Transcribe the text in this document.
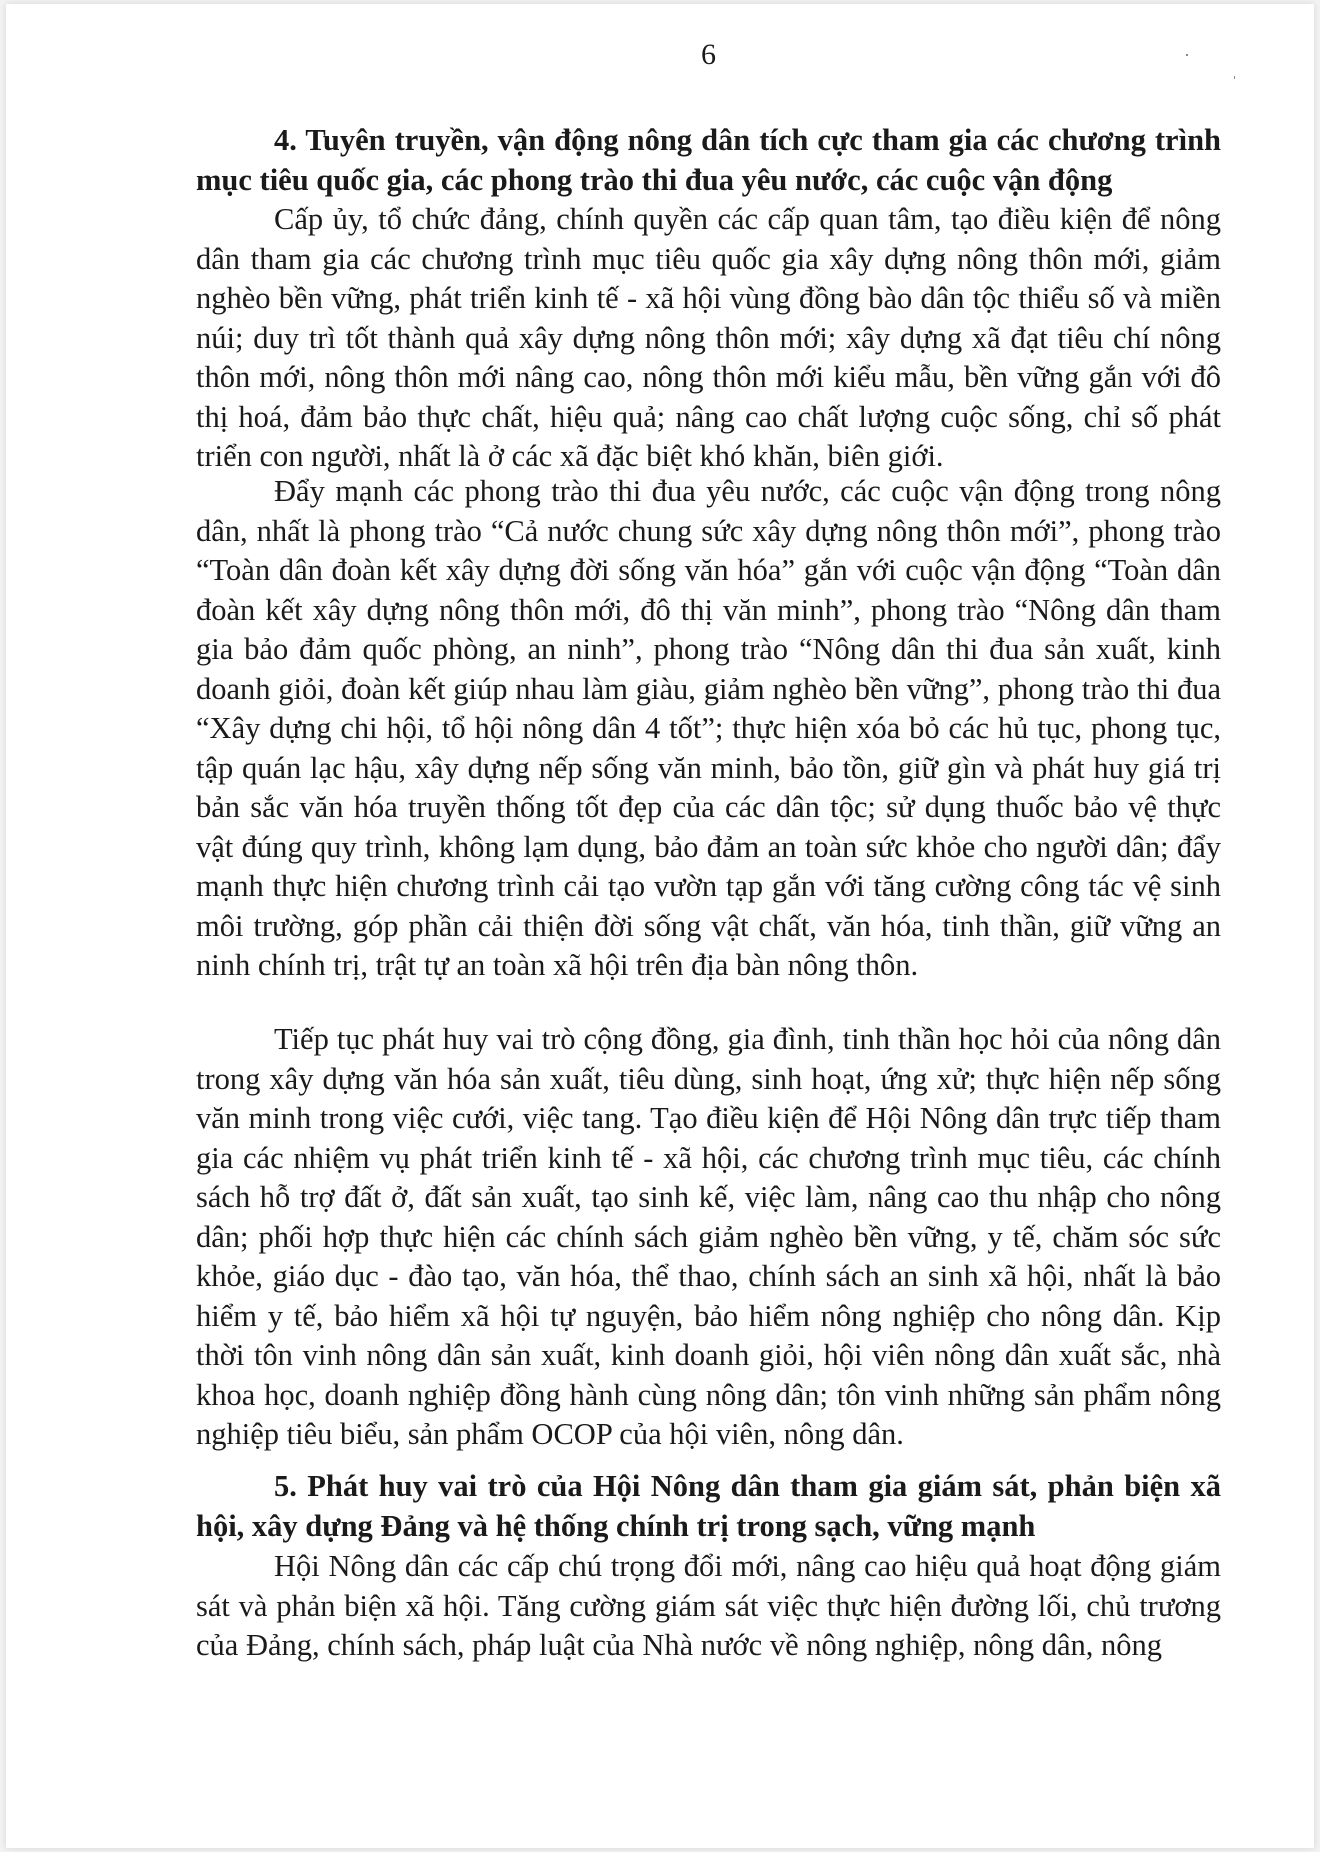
6

4. Tuyên truyền, vận động nông dân tích cực tham gia các chương trình mục tiêu quốc gia, các phong trào thi đua yêu nước, các cuộc vận động

Cấp ủy, tổ chức đảng, chính quyền các cấp quan tâm, tạo điều kiện để nông dân tham gia các chương trình mục tiêu quốc gia xây dựng nông thôn mới, giảm nghèo bền vững, phát triển kinh tế - xã hội vùng đồng bào dân tộc thiểu số và miền núi; duy trì tốt thành quả xây dựng nông thôn mới; xây dựng xã đạt tiêu chí nông thôn mới, nông thôn mới nâng cao, nông thôn mới kiểu mẫu, bền vững gắn với đô thị hoá, đảm bảo thực chất, hiệu quả; nâng cao chất lượng cuộc sống, chỉ số phát triển con người, nhất là ở các xã đặc biệt khó khăn, biên giới.

Đẩy mạnh các phong trào thi đua yêu nước, các cuộc vận động trong nông dân, nhất là phong trào “Cả nước chung sức xây dựng nông thôn mới”, phong trào “Toàn dân đoàn kết xây dựng đời sống văn hóa” gắn với cuộc vận động “Toàn dân đoàn kết xây dựng nông thôn mới, đô thị văn minh”, phong trào “Nông dân tham gia bảo đảm quốc phòng, an ninh”, phong trào “Nông dân thi đua sản xuất, kinh doanh giỏi, đoàn kết giúp nhau làm giàu, giảm nghèo bền vững”, phong trào thi đua “Xây dựng chi hội, tổ hội nông dân 4 tốt”; thực hiện xóa bỏ các hủ tục, phong tục, tập quán lạc hậu, xây dựng nếp sống văn minh, bảo tồn, giữ gìn và phát huy giá trị bản sắc văn hóa truyền thống tốt đẹp của các dân tộc; sử dụng thuốc bảo vệ thực vật đúng quy trình, không lạm dụng, bảo đảm an toàn sức khỏe cho người dân; đẩy mạnh thực hiện chương trình cải tạo vườn tạp gắn với tăng cường công tác vệ sinh môi trường, góp phần cải thiện đời sống vật chất, văn hóa, tinh thần, giữ vững an ninh chính trị, trật tự an toàn xã hội trên địa bàn nông thôn.

Tiếp tục phát huy vai trò cộng đồng, gia đình, tinh thần học hỏi của nông dân trong xây dựng văn hóa sản xuất, tiêu dùng, sinh hoạt, ứng xử; thực hiện nếp sống văn minh trong việc cưới, việc tang. Tạo điều kiện để Hội Nông dân trực tiếp tham gia các nhiệm vụ phát triển kinh tế - xã hội, các chương trình mục tiêu, các chính sách hỗ trợ đất ở, đất sản xuất, tạo sinh kế, việc làm, nâng cao thu nhập cho nông dân; phối hợp thực hiện các chính sách giảm nghèo bền vững, y tế, chăm sóc sức khỏe, giáo dục - đào tạo, văn hóa, thể thao, chính sách an sinh xã hội, nhất là bảo hiểm y tế, bảo hiểm xã hội tự nguyện, bảo hiểm nông nghiệp cho nông dân. Kịp thời tôn vinh nông dân sản xuất, kinh doanh giỏi, hội viên nông dân xuất sắc, nhà khoa học, doanh nghiệp đồng hành cùng nông dân; tôn vinh những sản phẩm nông nghiệp tiêu biểu, sản phẩm OCOP của hội viên, nông dân.

5. Phát huy vai trò của Hội Nông dân tham gia giám sát, phản biện xã hội, xây dựng Đảng và hệ thống chính trị trong sạch, vững mạnh

Hội Nông dân các cấp chú trọng đổi mới, nâng cao hiệu quả hoạt động giám sát và phản biện xã hội. Tăng cường giám sát việc thực hiện đường lối, chủ trương của Đảng, chính sách, pháp luật của Nhà nước về nông nghiệp, nông dân, nông
